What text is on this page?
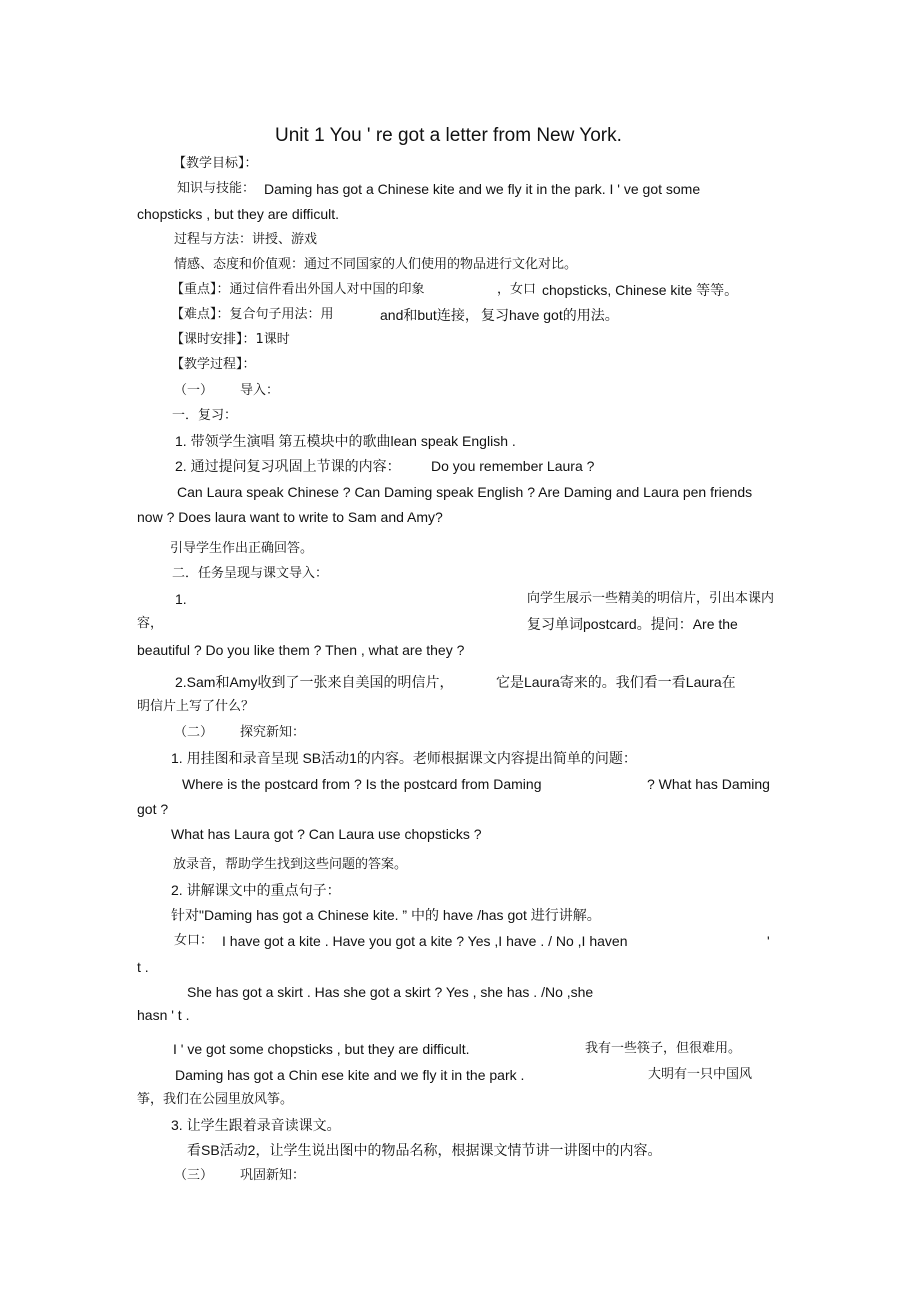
Unit 1 You ' re got a letter from New York.
【教学目标】：
知识与技能： Daming has got a Chinese kite and we fly it in the park. I ' ve got some
chopsticks , but they are difficult.
过程与方法：讲授、游戏
情感、态度和价值观：通过不同国家的人们使用的物品进行文化对比。
【重点】：通过信件看出外国人对中国的印象	，女口 chopsticks, Chinese kite 等等。
【难点】：复合句子用法：用	and和but连接， 复习have got的用法。
【课时安排】：1课时
【教学过程】：
（一） 导入：
一．复习：
1. 带领学生演唱 第五模块中的歌曲lean speak English .
2. 通过提问复习巩固上节课的内容： Do you remember Laura ?
Can Laura speak Chinese ? Can Daming speak English ? Are Daming and Laura pen friends
now ? Does laura want to write to Sam and Amy?
引导学生作出正确回答。
二．任务呈现与课文导入：
1.	向学生展示一些精美的明信片，引出本课内
容，	复习单词postcard。提问：Are the
beautiful ? Do you like them ? Then , what are they ?
2.Sam和Amy收到了一张来自美国的明信片，	它是Laura寄来的。我们看一看Laura在
明信片上写了什么？
（二） 探究新知：
1. 用挂图和录音呈现 SB活动1的内容。老师根据课文内容提出简单的问题：
Where is the postcard from ? Is the postcard from Daming	? What has Daming
got ?
What has Laura got ? Can Laura use chopsticks ?
放录音，帮助学生找到这些问题的答案。
2. 讲解课文中的重点句子：
针对"Daming has got a Chinese kite. ” 中的 have /has got 进行讲解。
女口： I have got a kite . Have you got a kite ? Yes ,I have . / No ,I haven	'
t .
She has got a skirt . Has she got a skirt ? Yes , she has . /No ,she
hasn ' t .
I ' ve got some chopsticks , but they are difficult.	我有一些筷子，但很难用。
Daming has got a Chin ese kite and we fly it in the park .	大明有一只中国风
筝，我们在公园里放风筝。
3. 让学生跟着录音读课文。
看SB活动2，让学生说出图中的物品名称，根据课文情节讲一讲图中的内容。
（三） 巩固新知：
